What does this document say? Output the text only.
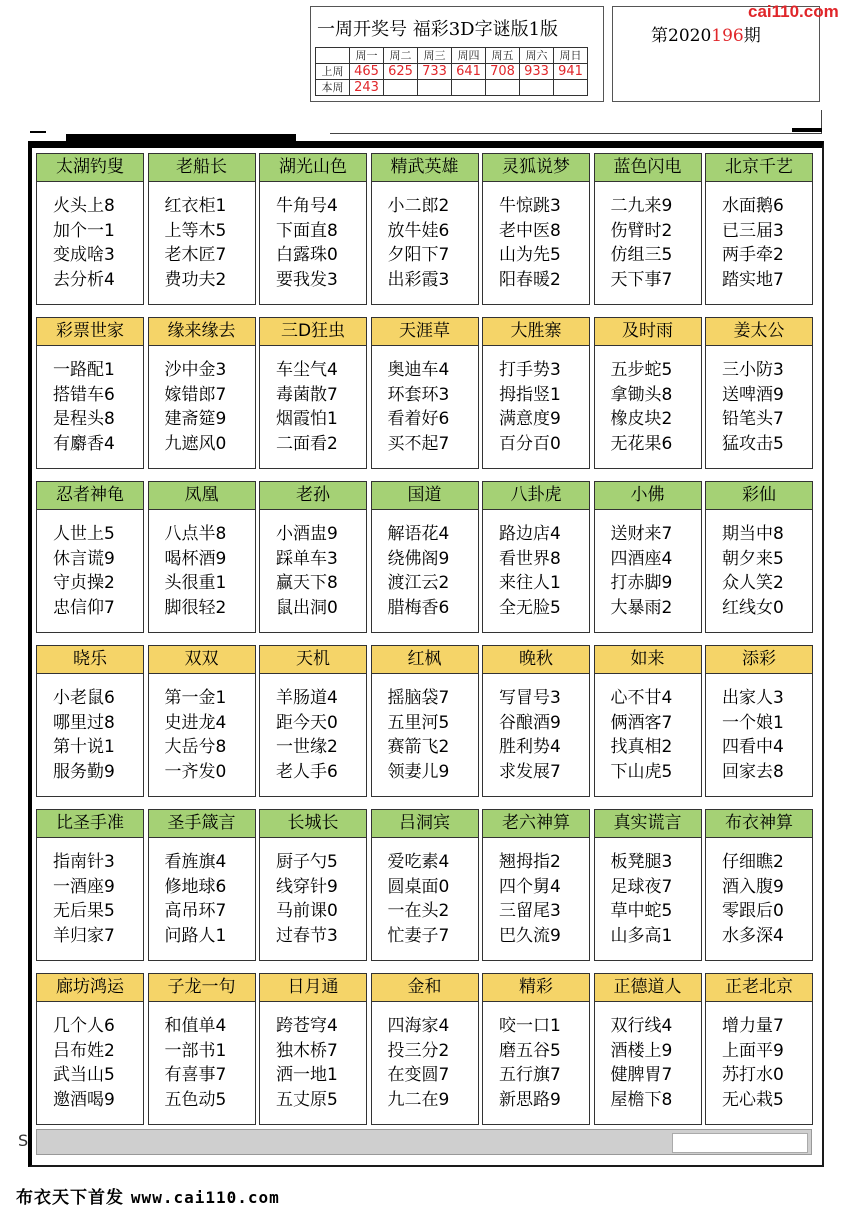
一周开奖号 福彩3D字谜版1版
	周一	周二	周三	周四	周五	周六	周日
上周	465	625	733	641	708	933	941
本周	243						
第2020196期
cai110.com
太湖钓叟
火头上8
加个一1
变成啥3
去分析4
老船长
红衣柜1
上等木5
老木匠7
费功夫2
湖光山色
牛角号4
下面直8
白露珠0
要我发3
精武英雄
小二郎2
放牛娃6
夕阳下7
出彩霞3
灵狐说梦
牛惊跳3
老中医8
山为先5
阳春暖2
蓝色闪电
二九来9
伤臂时2
仿组三5
天下事7
北京千艺
水面鹅6
已三届3
两手牵2
踏实地7
彩票世家
一路配1
搭错车6
是程头8
有麝香4
缘来缘去
沙中金3
嫁错郎7
建斋筵9
九遮风0
三D狂虫
车尘气4
毒菌散7
烟霞怕1
二面看2
天涯草
奥迪车4
环套环3
看着好6
买不起7
大胜寨
打手势3
拇指竖1
满意度9
百分百0
及时雨
五步蛇5
拿锄头8
橡皮块2
无花果6
姜太公
三小防3
送啤酒9
铅笔头7
猛攻击5
忍者神龟
人世上5
休言谎9
守贞操2
忠信仰7
凤凰
八点半8
喝杯酒9
头很重1
脚很轻2
老孙
小酒盅9
踩单车3
赢天下8
鼠出洞0
国道
解语花4
绕佛阁9
渡江云2
腊梅香6
八卦虎
路边店4
看世界8
来往人1
全无脸5
小佛
送财来7
四酒座4
打赤脚9
大暴雨2
彩仙
期当中8
朝夕来5
众人笑2
红线女0
晓乐
小老鼠6
哪里过8
第十说1
服务勤9
双双
第一金1
史进龙4
大岳兮8
一齐发0
天机
羊肠道4
距今天0
一世缘2
老人手6
红枫
摇脑袋7
五里河5
赛箭飞2
领妻儿9
晚秋
写冒号3
谷酿酒9
胜利势4
求发展7
如来
心不甘4
俩酒客7
找真相2
下山虎5
添彩
出家人3
一个娘1
四看中4
回家去8
比圣手准
指南针3
一酒座9
无后果5
羊归家7
圣手箴言
看旌旗4
修地球6
高吊环7
问路人1
长城长
厨子勺5
线穿针9
马前课0
过春节3
吕洞宾
爱吃素4
圆桌面0
一在头2
忙妻子7
老六神算
翘拇指2
四个舅4
三留尾3
巴久流9
真实谎言
板凳腿3
足球夜7
草中蛇5
山多高1
布衣神算
仔细瞧2
酒入腹9
零跟后0
水多深4
廊坊鸿运
几个人6
吕布姓2
武当山5
邀酒喝9
子龙一句
和值单4
一部书1
有喜事7
五色动5
日月通
跨苍穹4
独木桥7
洒一地1
五丈原5
金和
四海家4
投三分2
在变圆7
九二在9
精彩
咬一口1
磨五谷5
五行旗7
新思路9
正德道人
双行线4
酒楼上9
健脾胃7
屋檐下8
正老北京
增力量7
上面平9
苏打水0
无心栽5
S
布衣天下首发 www.cai110.com
